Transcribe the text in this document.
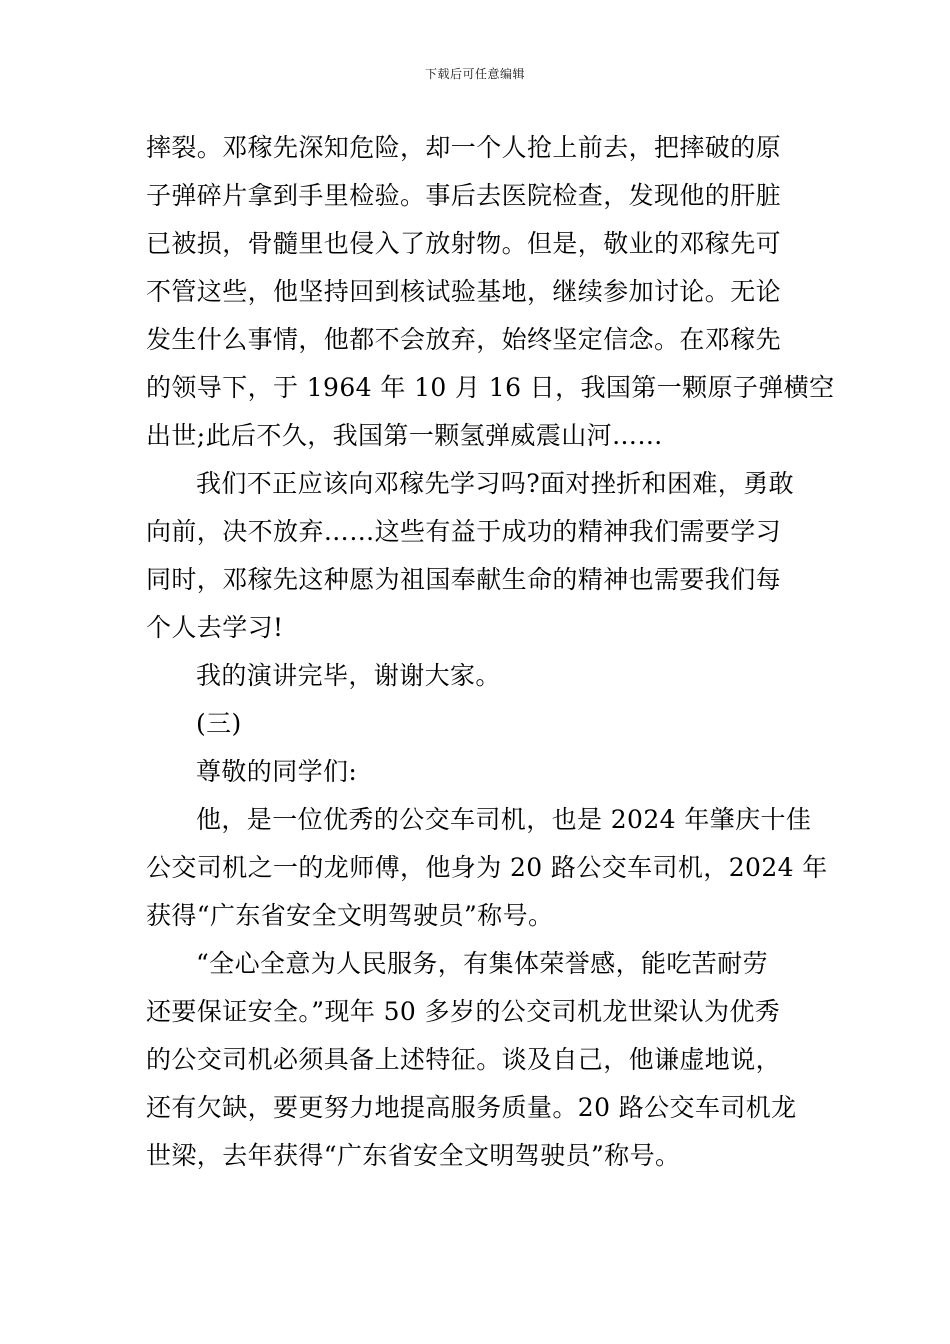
下载后可任意编辑

摔裂。邓稼先深知危险，却一个人抢上前去，把摔破的原
子弹碎片拿到手里检验。事后去医院检查，发现他的肝脏
已被损，骨髓里也侵入了放射物。但是，敬业的邓稼先可
不管这些，他坚持回到核试验基地，继续参加讨论。无论
发生什么事情，他都不会放弃，始终坚定信念。在邓稼先
的领导下，于 1964 年 10 月 16 日，我国第一颗原子弹横空
出世;此后不久，我国第一颗氢弹威震山河……

我们不正应该向邓稼先学习吗?面对挫折和困难，勇敢
向前，决不放弃……这些有益于成功的精神我们需要学习
同时，邓稼先这种愿为祖国奉献生命的精神也需要我们每
个人去学习!

我的演讲完毕，谢谢大家。

(三)

尊敬的同学们:

他，是一位优秀的公交车司机，也是 2024 年肇庆十佳
公交司机之一的龙师傅，他身为 20 路公交车司机，2024 年
获得“广东省安全文明驾驶员”称号。

“全心全意为人民服务，有集体荣誉感，能吃苦耐劳
还要保证安全。”现年 50 多岁的公交司机龙世梁认为优秀
的公交司机必须具备上述特征。谈及自己，他谦虚地说，
还有欠缺，要更努力地提高服务质量。20 路公交车司机龙
世梁，去年获得“广东省安全文明驾驶员”称号。
